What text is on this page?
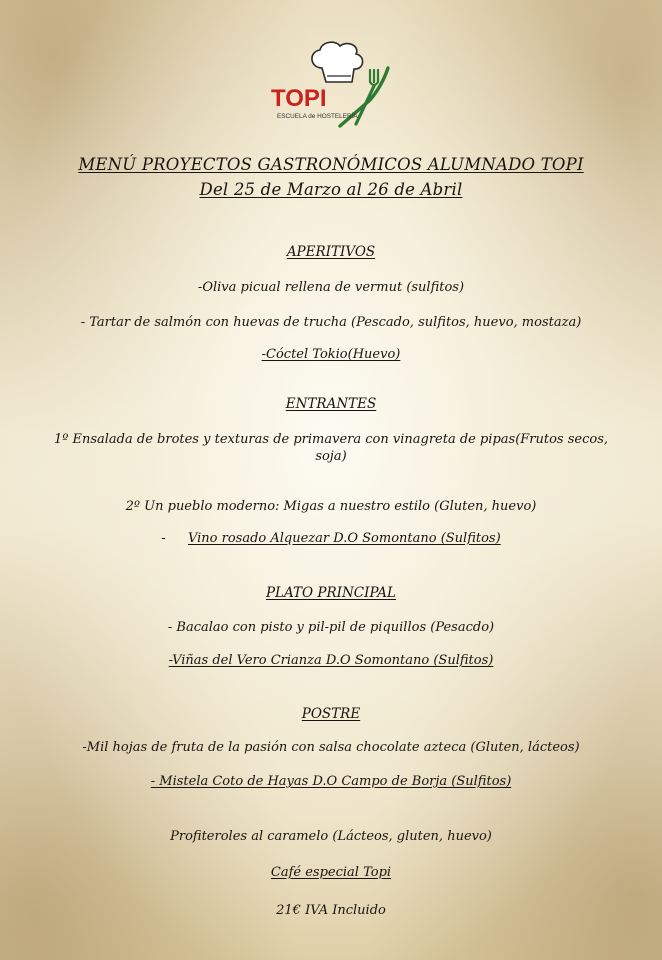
TOPI
ESCUELA de HOSTELERÍA
MENÚ PROYECTOS GASTRONÓMICOS ALUMNADO TOPI
Del 25 de Marzo al 26 de Abril
APERITIVOS
-Oliva picual rellena de vermut (sulfitos)
- Tartar de salmón con huevas de trucha (Pescado, sulfitos, huevo, mostaza)
-Cóctel Tokio(Huevo)
ENTRANTES
1º Ensalada de brotes y texturas de primavera con vinagreta de pipas(Frutos secos,
soja)
2º Un pueblo moderno: Migas a nuestro estilo (Gluten, huevo)
- Vino rosado Alquezar D.O Somontano (Sulfitos)
PLATO PRINCIPAL
- Bacalao con pisto y pil-pil de piquillos (Pesacdo)
-Viñas del Vero Crianza D.O Somontano (Sulfitos)
POSTRE
-Mil hojas de fruta de la pasión con salsa chocolate azteca (Gluten, lácteos)
- Mistela Coto de Hayas D.O Campo de Borja (Sulfitos)
Profiteroles al caramelo (Lácteos, gluten, huevo)
Café especial Topi
21€ IVA Incluido
